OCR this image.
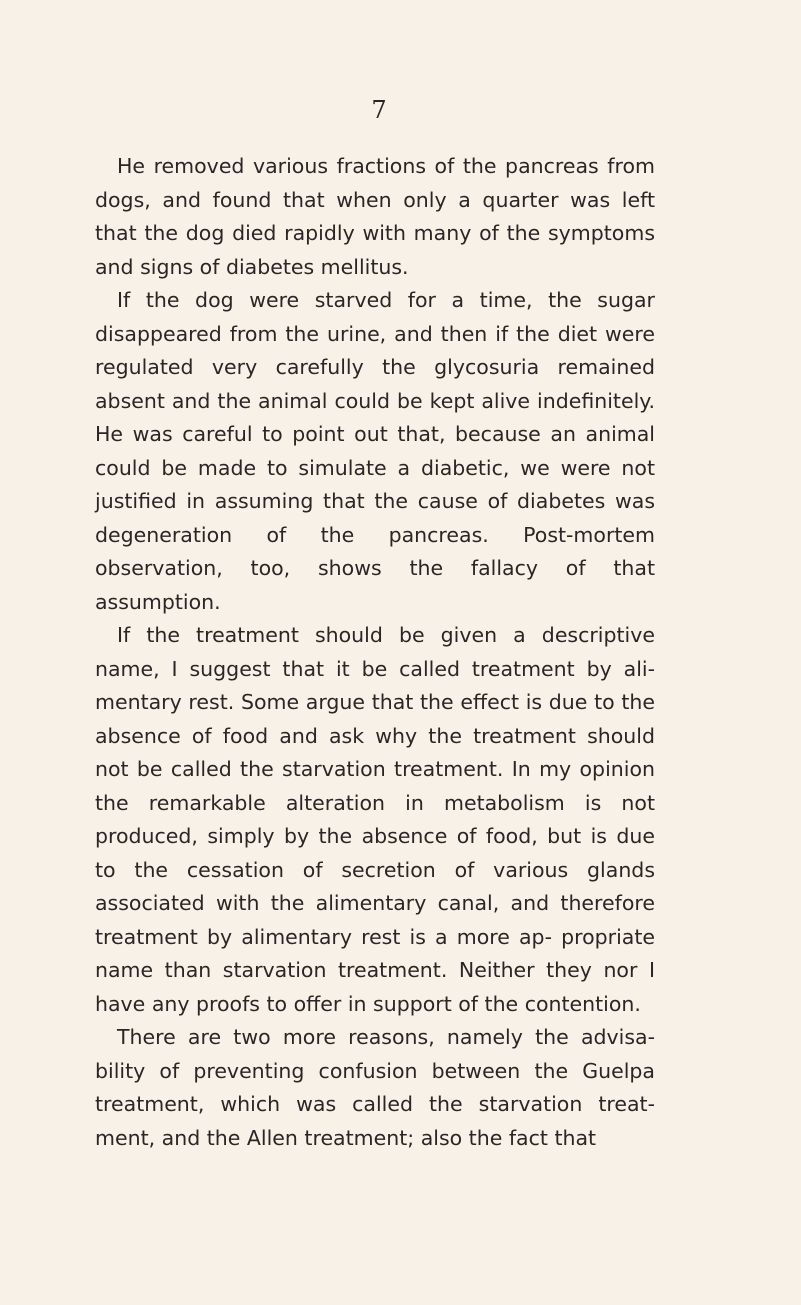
7

He removed various fractions of the pancreas from dogs, and found that when only a quarter was left that the dog died rapidly with many of the symptoms and signs of diabetes mellitus.

If the dog were starved for a time, the sugar disappeared from the urine, and then if the diet were regulated very carefully the glycosuria remained absent and the animal could be kept alive indefinitely. He was careful to point out that, because an animal could be made to simulate a diabetic, we were not justified in assuming that the cause of diabetes was degeneration of the pancreas. Post-mortem observation, too, shows the fallacy of that assumption.

If the treatment should be given a descriptive name, I suggest that it be called treatment by ali- mentary rest. Some argue that the effect is due to the absence of food and ask why the treatment should not be called the starvation treatment. In my opinion the remarkable alteration in metabolism is not produced, simply by the absence of food, but is due to the cessation of secretion of various glands associated with the alimentary canal, and therefore treatment by alimentary rest is a more ap- propriate name than starvation treatment. Neither they nor I have any proofs to offer in support of the contention.

There are two more reasons, namely the advisa- bility of preventing confusion between the Guelpa treatment, which was called the starvation treat- ment, and the Allen treatment; also the fact that
